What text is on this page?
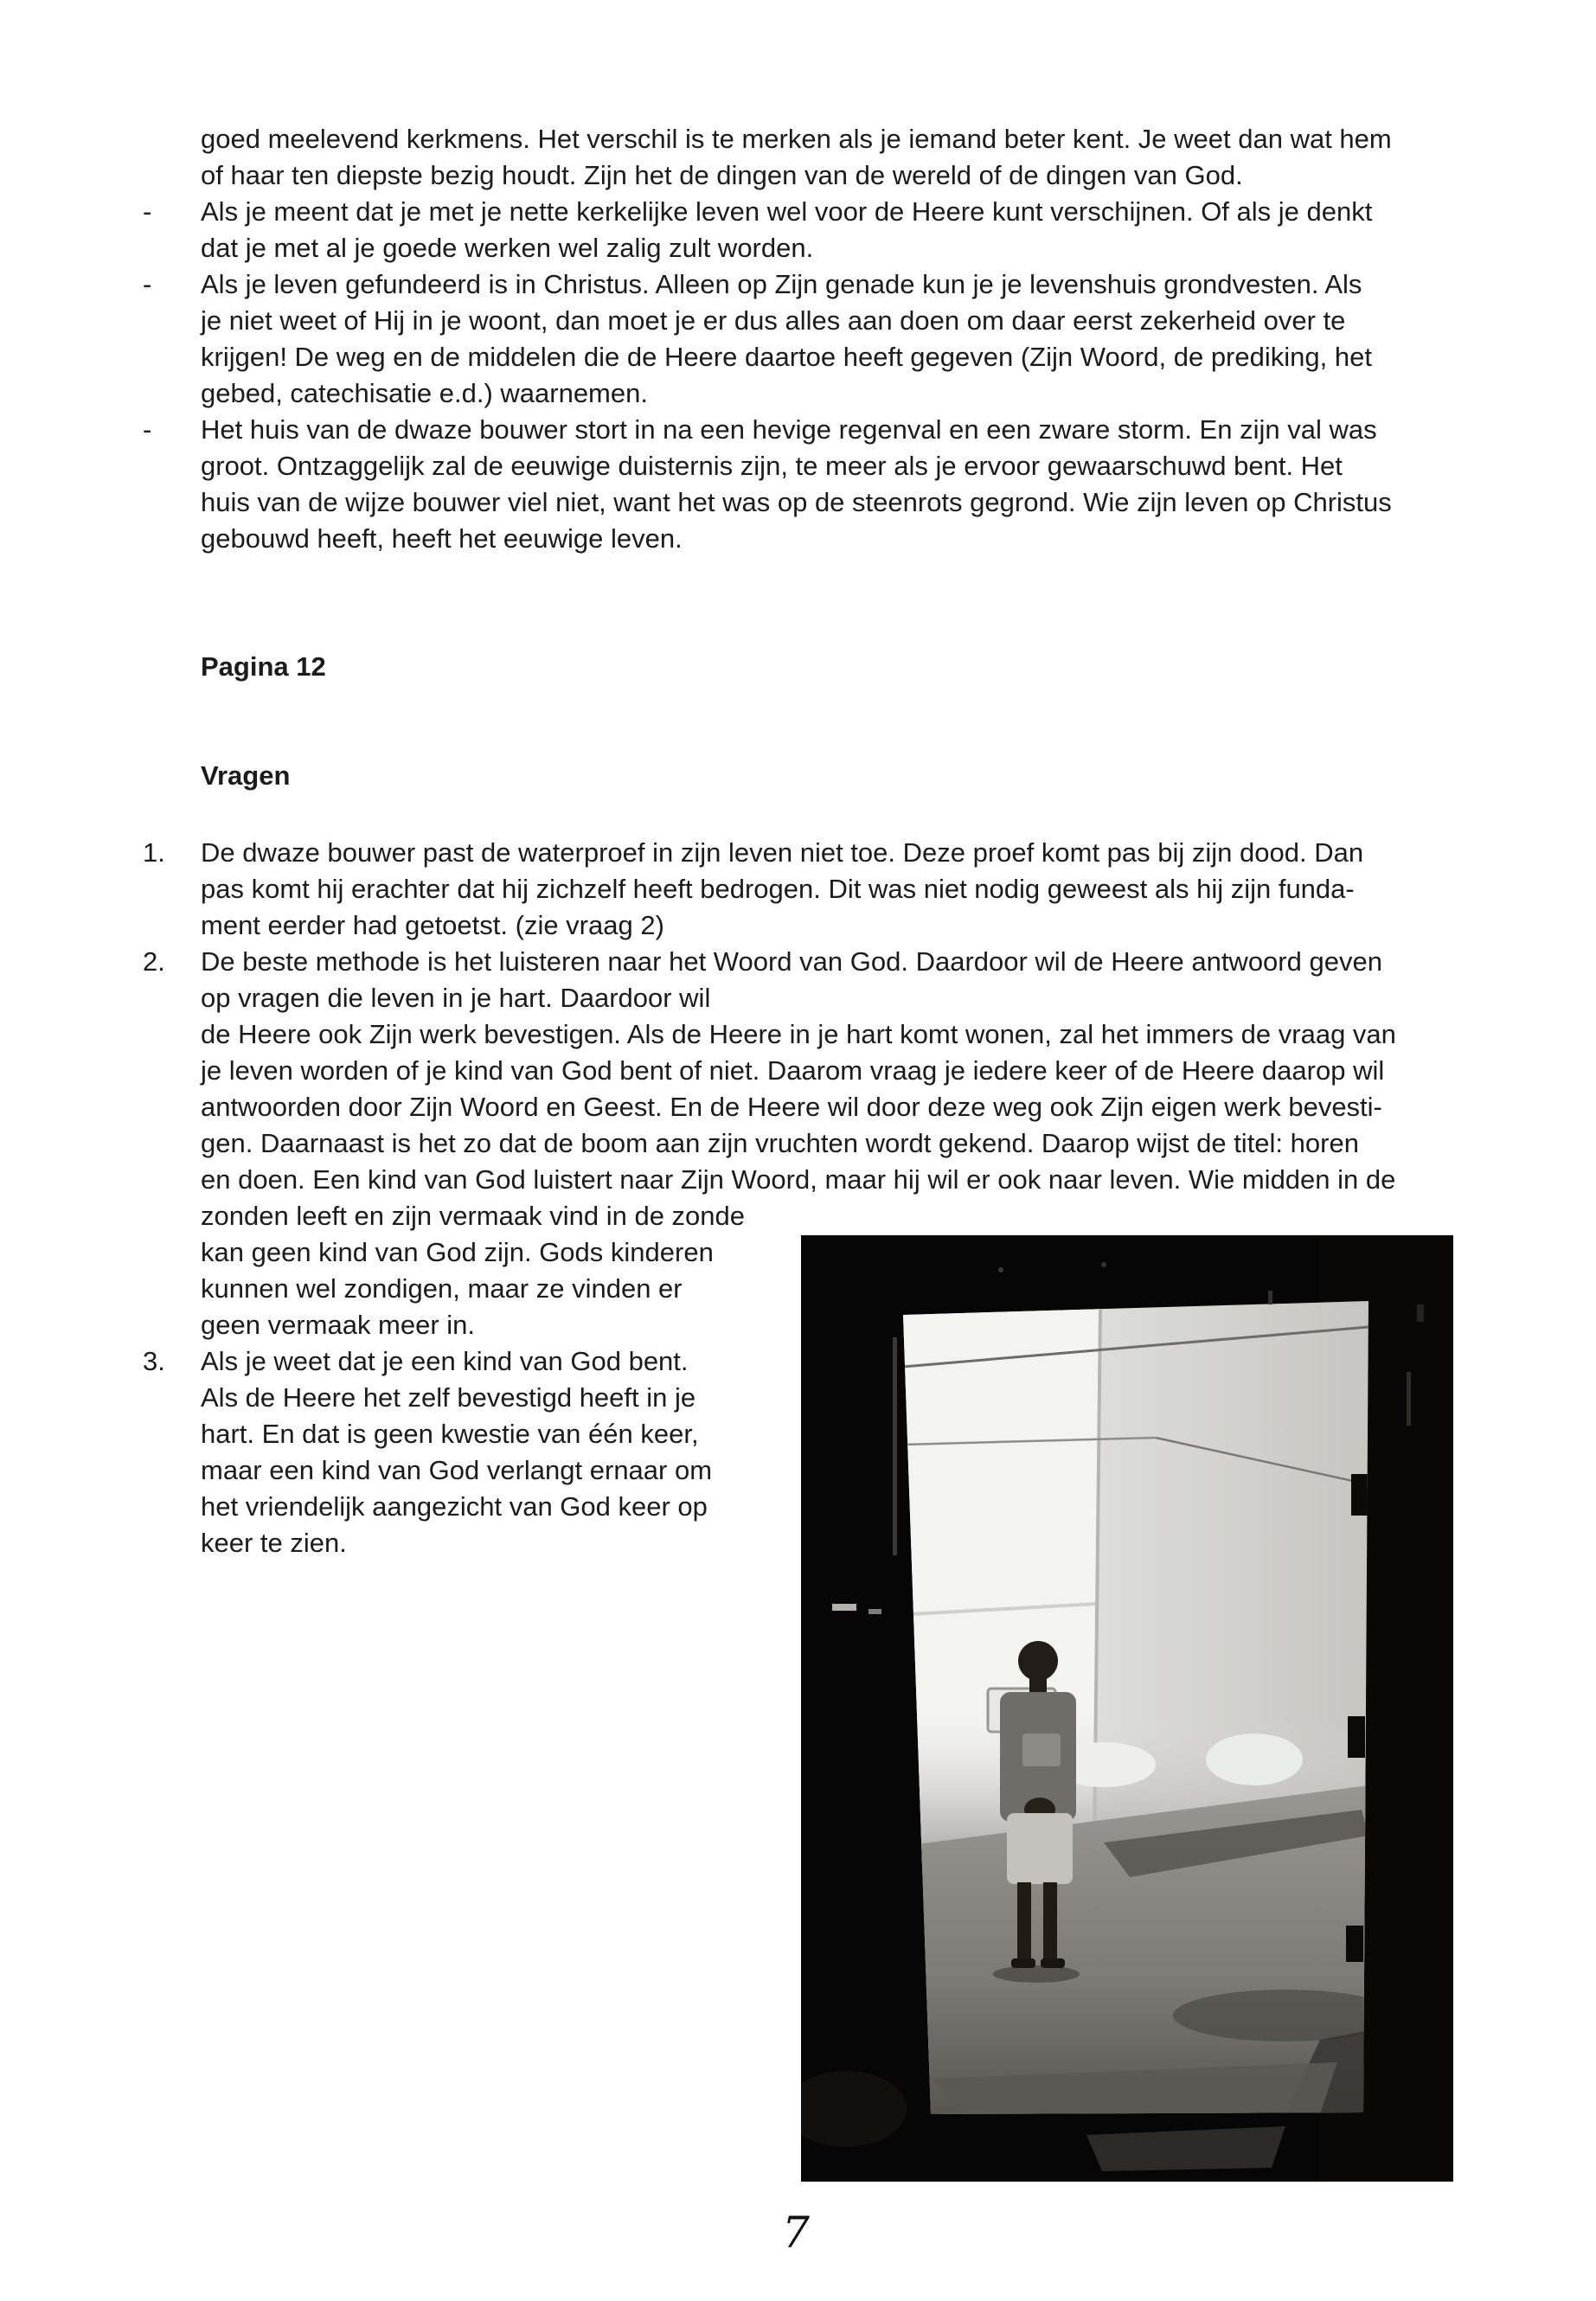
goed meelevend kerkmens. Het verschil is te merken als je iemand beter kent. Je weet dan wat hem
of haar ten diepste bezig houdt. Zijn het de dingen van de wereld of de dingen van God.
- Als je meent dat je met je nette kerkelijke leven wel voor de Heere kunt verschijnen. Of als je denkt
dat je met al je goede werken wel zalig zult worden.
- Als je leven gefundeerd is in Christus. Alleen op Zijn genade kun je je levenshuis grondvesten. Als
je niet weet of Hij in je woont, dan moet je er dus alles aan doen om daar eerst zekerheid over te
krijgen! De weg en de middelen die de Heere daartoe heeft gegeven (Zijn Woord, de prediking, het
gebed, catechisatie e.d.) waarnemen.
- Het huis van de dwaze bouwer stort in na een hevige regenval en een zware storm. En zijn val was
groot. Ontzaggelijk zal de eeuwige duisternis zijn, te meer als je ervoor gewaarschuwd bent. Het
huis van de wijze bouwer viel niet, want het was op de steenrots gegrond. Wie zijn leven op Christus
gebouwd heeft, heeft het eeuwige leven.
Pagina 12
Vragen
1. De dwaze bouwer past de waterproef in zijn leven niet toe. Deze proef komt pas bij zijn dood. Dan
pas komt hij erachter dat hij zichzelf heeft bedrogen. Dit was niet nodig geweest als hij zijn funda-
ment eerder had getoetst. (zie vraag 2)
2. De beste methode is het luisteren naar het Woord van God. Daardoor wil de Heere antwoord geven
op vragen die leven in je hart. Daardoor wil
de Heere ook Zijn werk bevestigen. Als de Heere in je hart komt wonen, zal het immers de vraag van
je leven worden of je kind van God bent of niet. Daarom vraag je iedere keer of de Heere daarop wil
antwoorden door Zijn Woord en Geest. En de Heere wil door deze weg ook Zijn eigen werk bevesti-
gen. Daarnaast is het zo dat de boom aan zijn vruchten wordt gekend. Daarop wijst de titel: horen
en doen. Een kind van God luistert naar Zijn Woord, maar hij wil er ook naar leven. Wie midden in de
zonden leeft en zijn vermaak vind in de zonde
kan geen kind van God zijn. Gods kinderen
kunnen wel zondigen, maar ze vinden er
geen vermaak meer in.
3. Als je weet dat je een kind van God bent.
Als de Heere het zelf bevestigd heeft in je
hart. En dat is geen kwestie van één keer,
maar een kind van God verlangt ernaar om
het vriendelijk aangezicht van God keer op
keer te zien.
7
